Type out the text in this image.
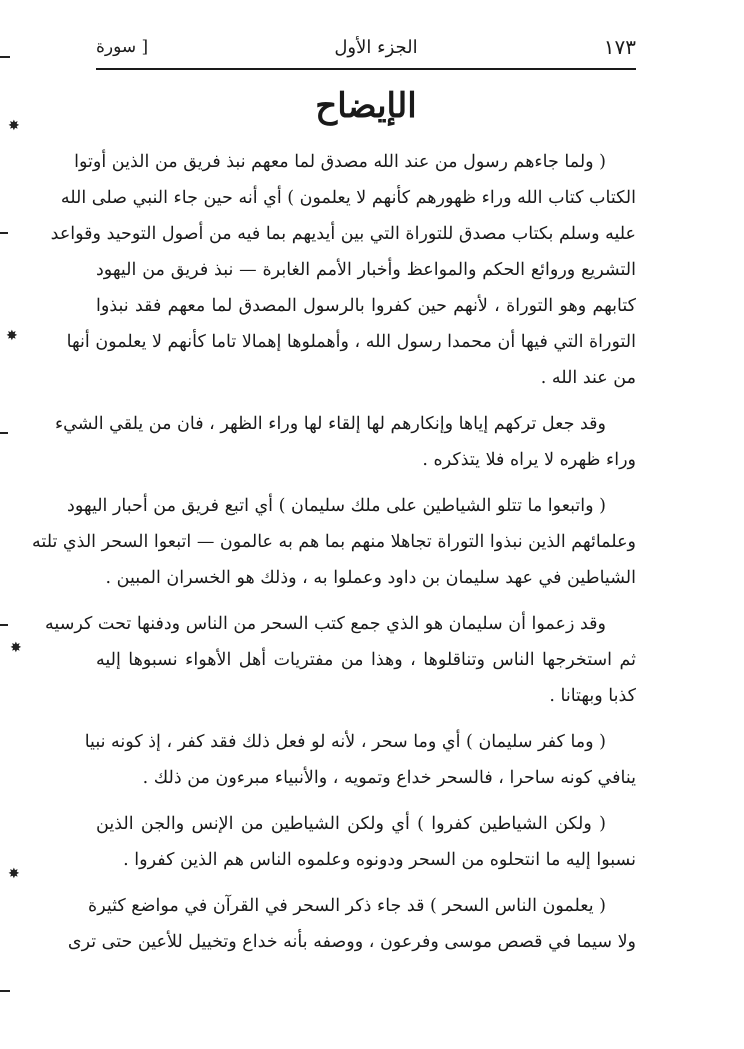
١٧٣
الجزء الأول
[ سورة
الإيضاح
( ولما جاءهم رسول من عند الله مصدق لما معهم نبذ فريق من الذين أوتوا
الكتاب كتاب الله وراء ظهورهم كأنهم لا يعلمون ) أي أنه حين جاء النبي صلى الله
عليه وسلم بكتاب مصدق للتوراة التي بين أيديهم بما فيه من أصول التوحيد وقواعد
التشريع وروائع الحكم والمواعظ وأخبار الأمم الغابرة — نبذ فريق من اليهود
كتابهم وهو التوراة ، لأنهم حين كفروا بالرسول المصدق لما معهم فقد نبذوا
التوراة التي فيها أن محمدا رسول الله ، وأهملوها إهمالا تاما كأنهم لا يعلمون أنها
من عند الله .
وقد جعل تركهم إياها وإنكارهم لها إلقاء لها وراء الظهر ، فان من يلقي الشيء
وراء ظهره لا يراه فلا يتذكره .
( واتبعوا ما تتلو الشياطين على ملك سليمان ) أي اتبع فريق من أحبار اليهود
وعلمائهم الذين نبذوا التوراة تجاهلا منهم بما هم به عالمون — اتبعوا السحر الذي تلته
الشياطين في عهد سليمان بن داود وعملوا به ، وذلك هو الخسران المبين .
وقد زعموا أن سليمان هو الذي جمع كتب السحر من الناس ودفنها تحت كرسيه
ثم استخرجها الناس وتناقلوها ، وهذا من مفتريات أهل الأهواء نسبوها إليه
كذبا وبهتانا .
( وما كفر سليمان ) أي وما سحر ، لأنه لو فعل ذلك فقد كفر ، إذ كونه نبيا
ينافي كونه ساحرا ، فالسحر خداع وتمويه ، والأنبياء مبرءون من ذلك .
( ولكن الشياطين كفروا ) أي ولكن الشياطين من الإنس والجن الذين
نسبوا إليه ما انتحلوه من السحر ودونوه وعلموه الناس هم الذين كفروا .
( يعلمون الناس السحر ) قد جاء ذكر السحر في القرآن في مواضع كثيرة
ولا سيما في قصص موسى وفرعون ، ووصفه بأنه خداع وتخييل للأعين حتى ترى
✸
✸
✸
✸
